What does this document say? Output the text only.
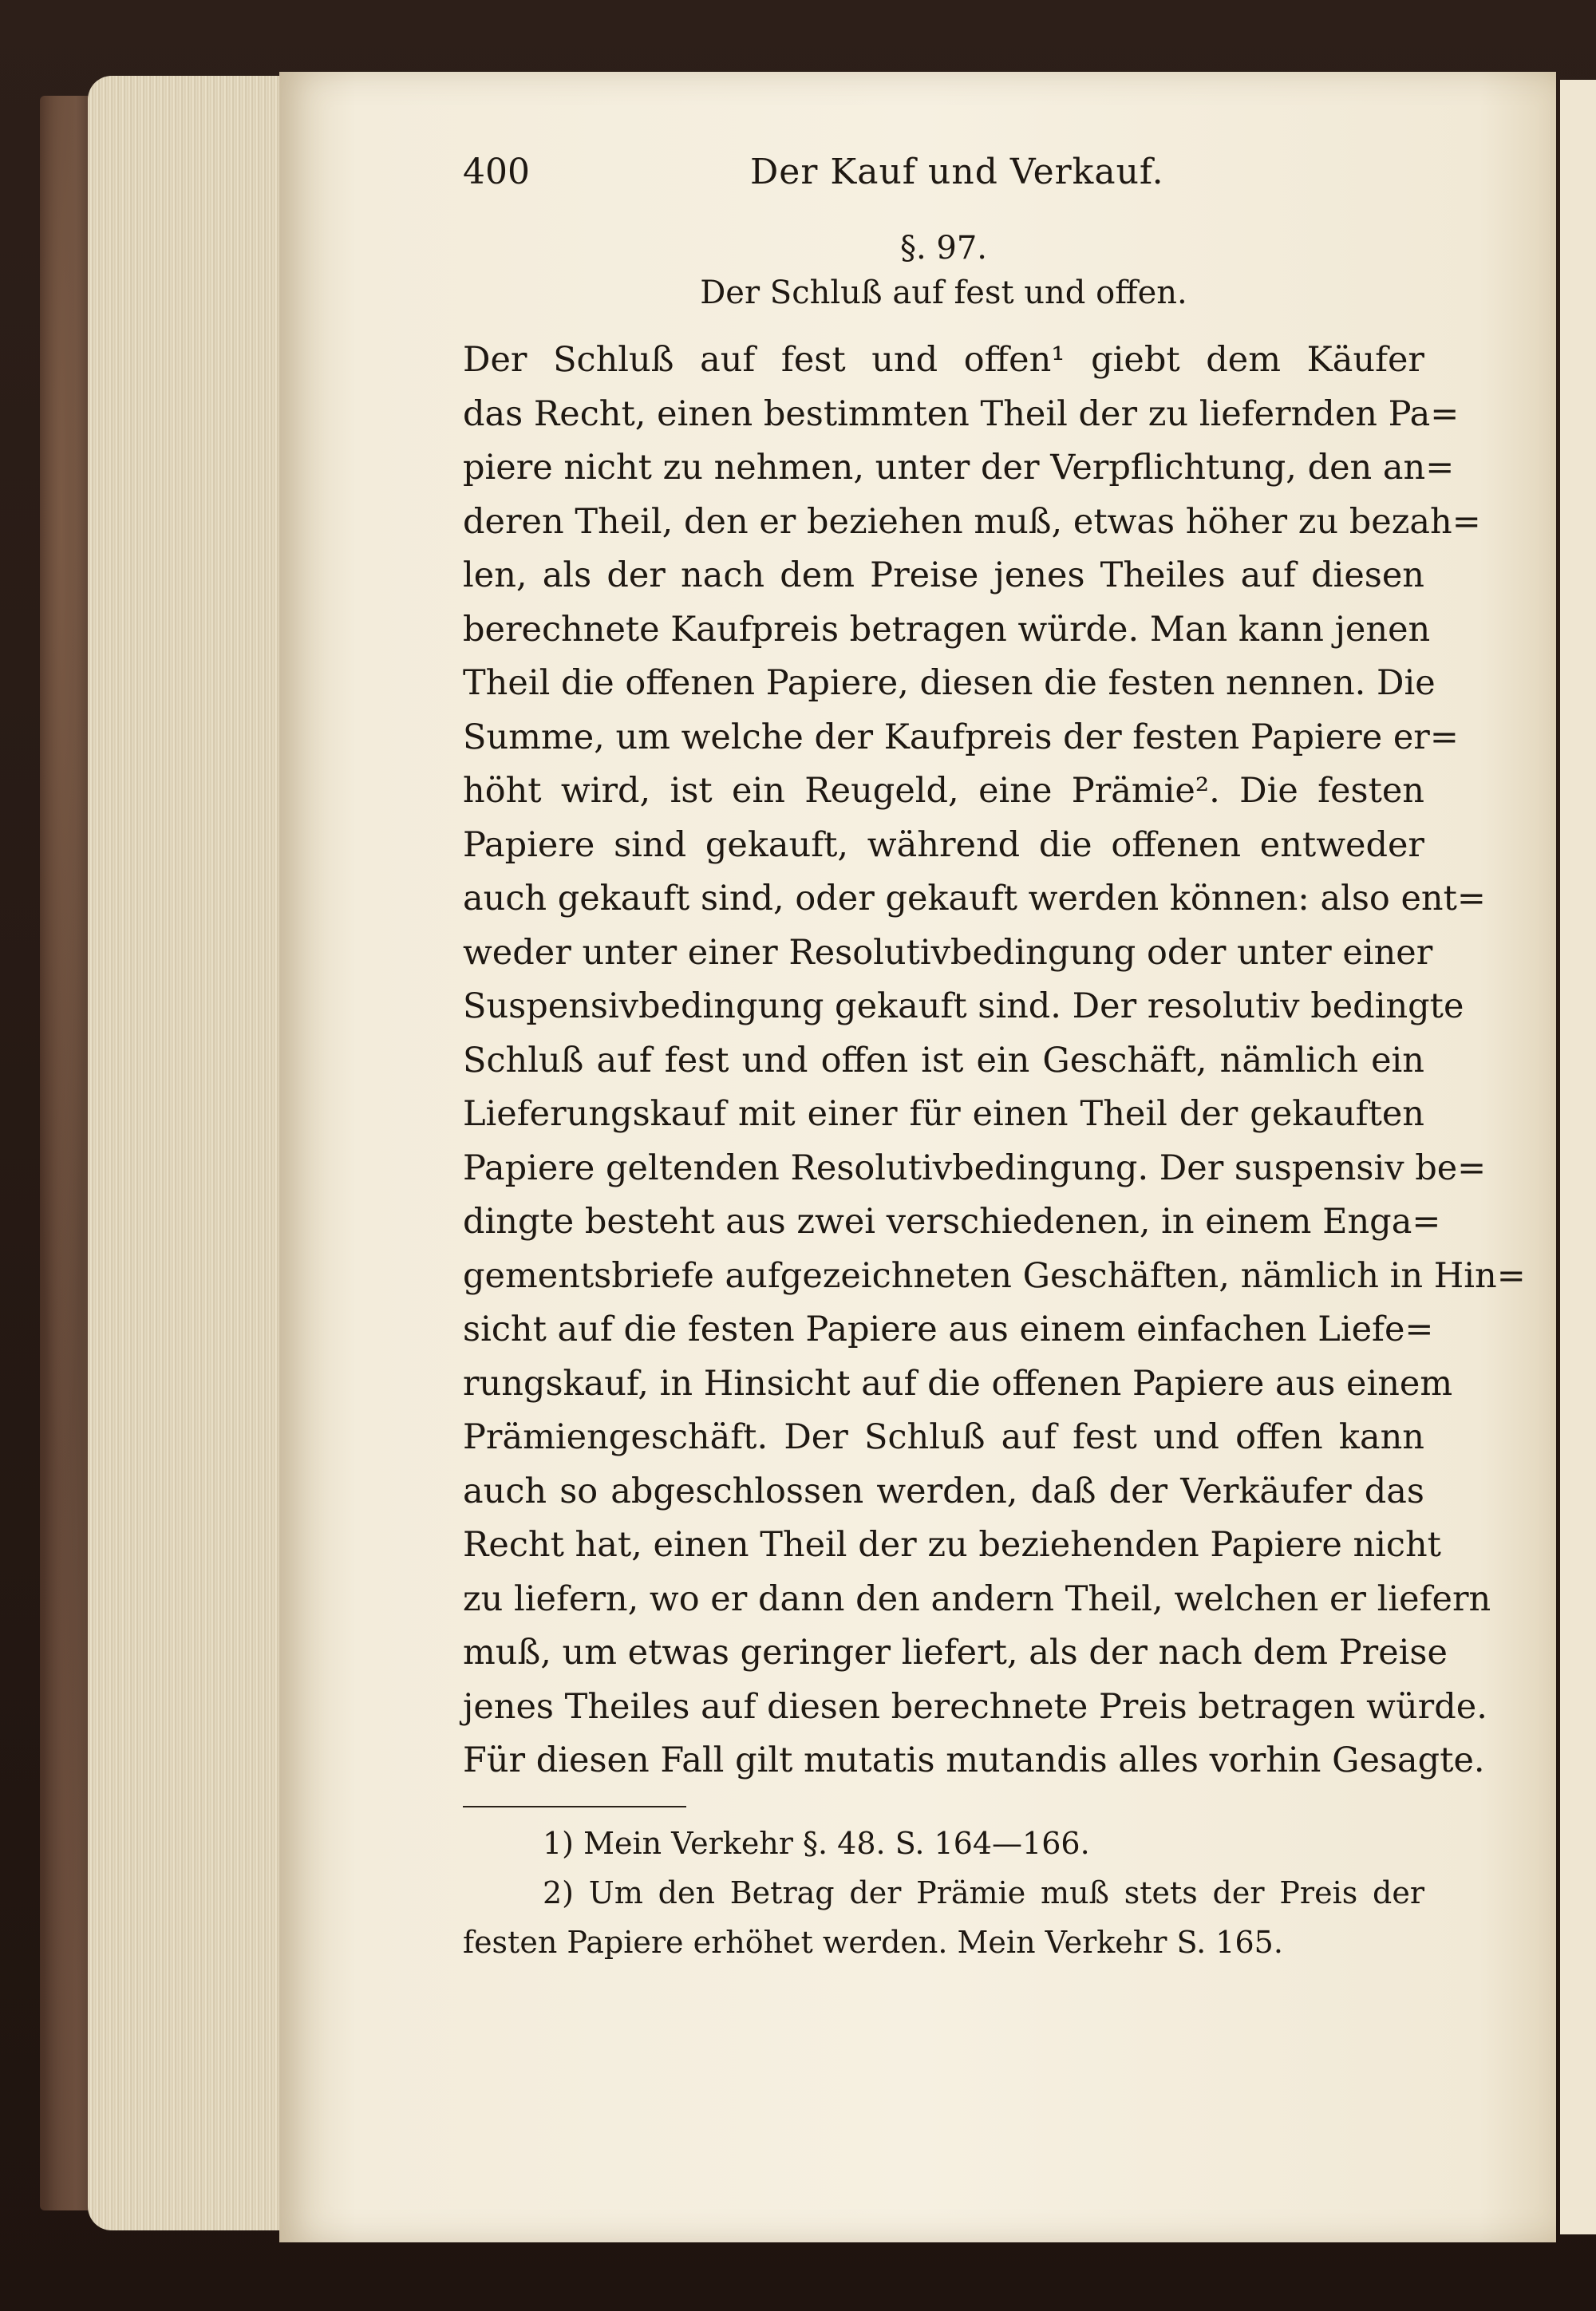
400	Der Kauf und Verkauf.
§. 97.
Der Schluß auf fest und offen.
Der Schluß auf fest und offen¹ giebt dem Käufer
das Recht, einen bestimmten Theil der zu liefernden Pa=
piere nicht zu nehmen, unter der Verpflichtung, den an=
deren Theil, den er beziehen muß, etwas höher zu bezah=
len, als der nach dem Preise jenes Theiles auf diesen
berechnete Kaufpreis betragen würde. Man kann jenen
Theil die offenen Papiere, diesen die festen nennen. Die
Summe, um welche der Kaufpreis der festen Papiere er=
höht wird, ist ein Reugeld, eine Prämie². Die festen
Papiere sind gekauft, während die offenen entweder
auch gekauft sind, oder gekauft werden können: also ent=
weder unter einer Resolutivbedingung oder unter einer
Suspensivbedingung gekauft sind. Der resolutiv bedingte
Schluß auf fest und offen ist ein Geschäft, nämlich ein
Lieferungskauf mit einer für einen Theil der gekauften
Papiere geltenden Resolutivbedingung. Der suspensiv be=
dingte besteht aus zwei verschiedenen, in einem Enga=
gementsbriefe aufgezeichneten Geschäften, nämlich in Hin=
sicht auf die festen Papiere aus einem einfachen Liefe=
rungskauf, in Hinsicht auf die offenen Papiere aus einem
Prämiengeschäft. Der Schluß auf fest und offen kann
auch so abgeschlossen werden, daß der Verkäufer das
Recht hat, einen Theil der zu beziehenden Papiere nicht
zu liefern, wo er dann den andern Theil, welchen er liefern
muß, um etwas geringer liefert, als der nach dem Preise
jenes Theiles auf diesen berechnete Preis betragen würde.
Für diesen Fall gilt mutatis mutandis alles vorhin Gesagte.
1) Mein Verkehr §. 48. S. 164—166.
2) Um den Betrag der Prämie muß stets der Preis der
festen Papiere erhöhet werden. Mein Verkehr S. 165.
